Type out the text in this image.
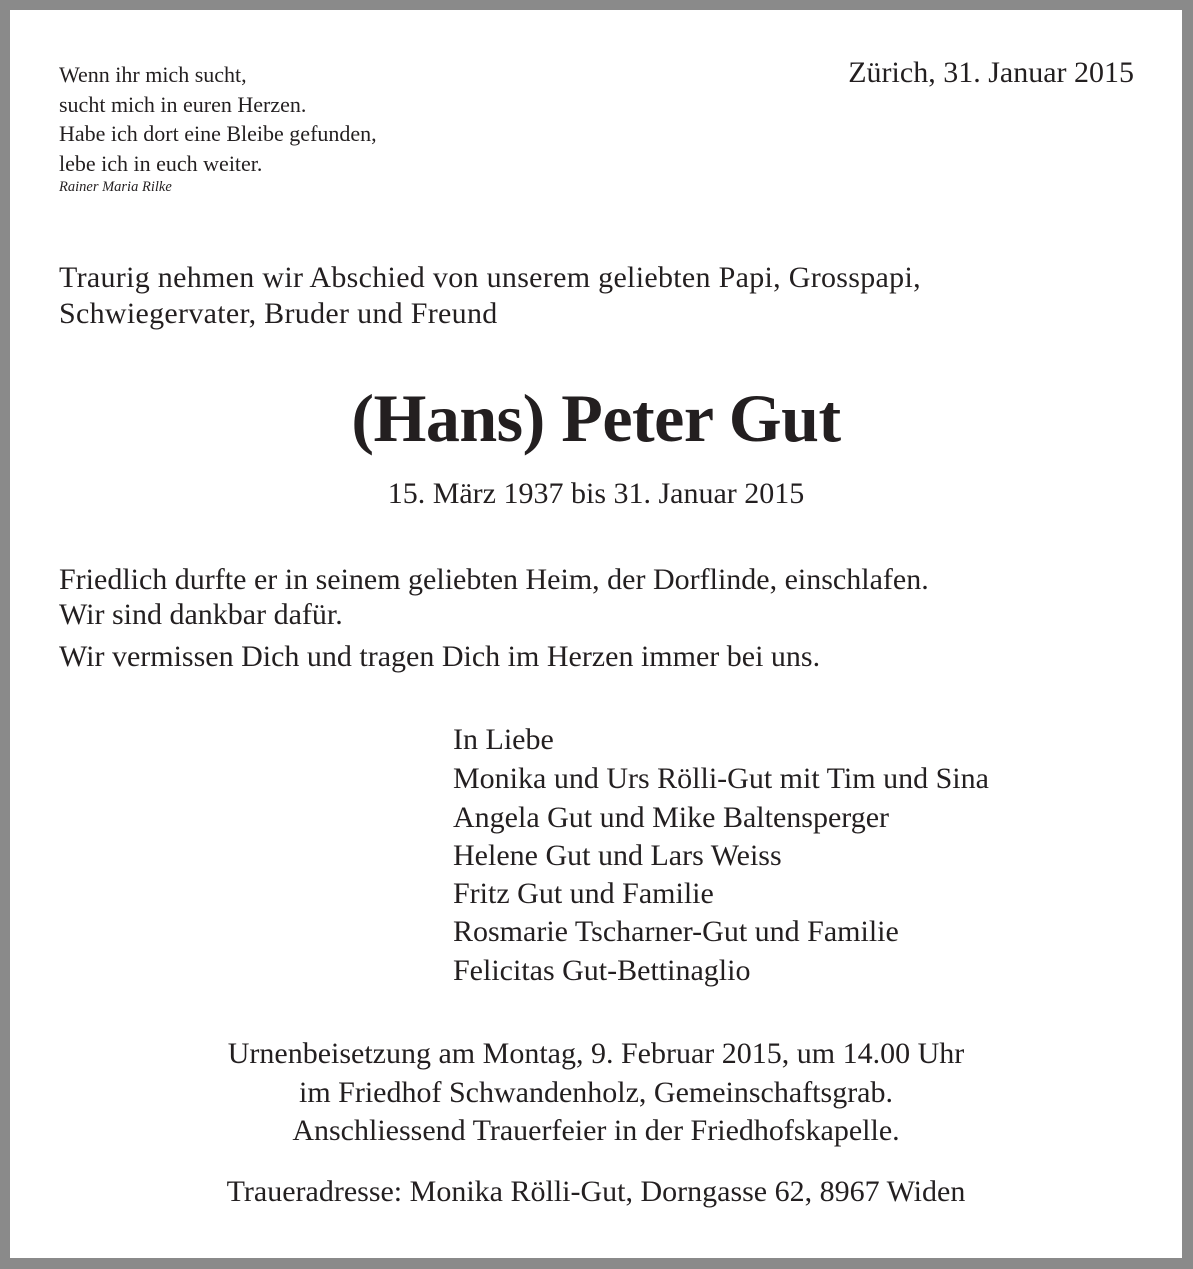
Wenn ihr mich sucht,
sucht mich in euren Herzen.
Habe ich dort eine Bleibe gefunden,
lebe ich in euch weiter.
Rainer Maria Rilke
Zürich, 31. Januar 2015
Traurig nehmen wir Abschied von unserem geliebten Papi, Grosspapi,
Schwiegervater, Bruder und Freund
(Hans) Peter Gut
15. März 1937 bis 31. Januar 2015
Friedlich durfte er in seinem geliebten Heim, der Dorflinde, einschlafen.
Wir sind dankbar dafür.
Wir vermissen Dich und tragen Dich im Herzen immer bei uns.
In Liebe
Monika und Urs Rölli-Gut mit Tim und Sina
Angela Gut und Mike Baltensperger
Helene Gut und Lars Weiss
Fritz Gut und Familie
Rosmarie Tscharner-Gut und Familie
Felicitas Gut-Bettinaglio
Urnenbeisetzung am Montag, 9. Februar 2015, um 14.00 Uhr
im Friedhof Schwandenholz, Gemeinschaftsgrab.
Anschliessend Trauerfeier in der Friedhofskapelle.
Traueradresse: Monika Rölli-Gut, Dorngasse 62, 8967 Widen
